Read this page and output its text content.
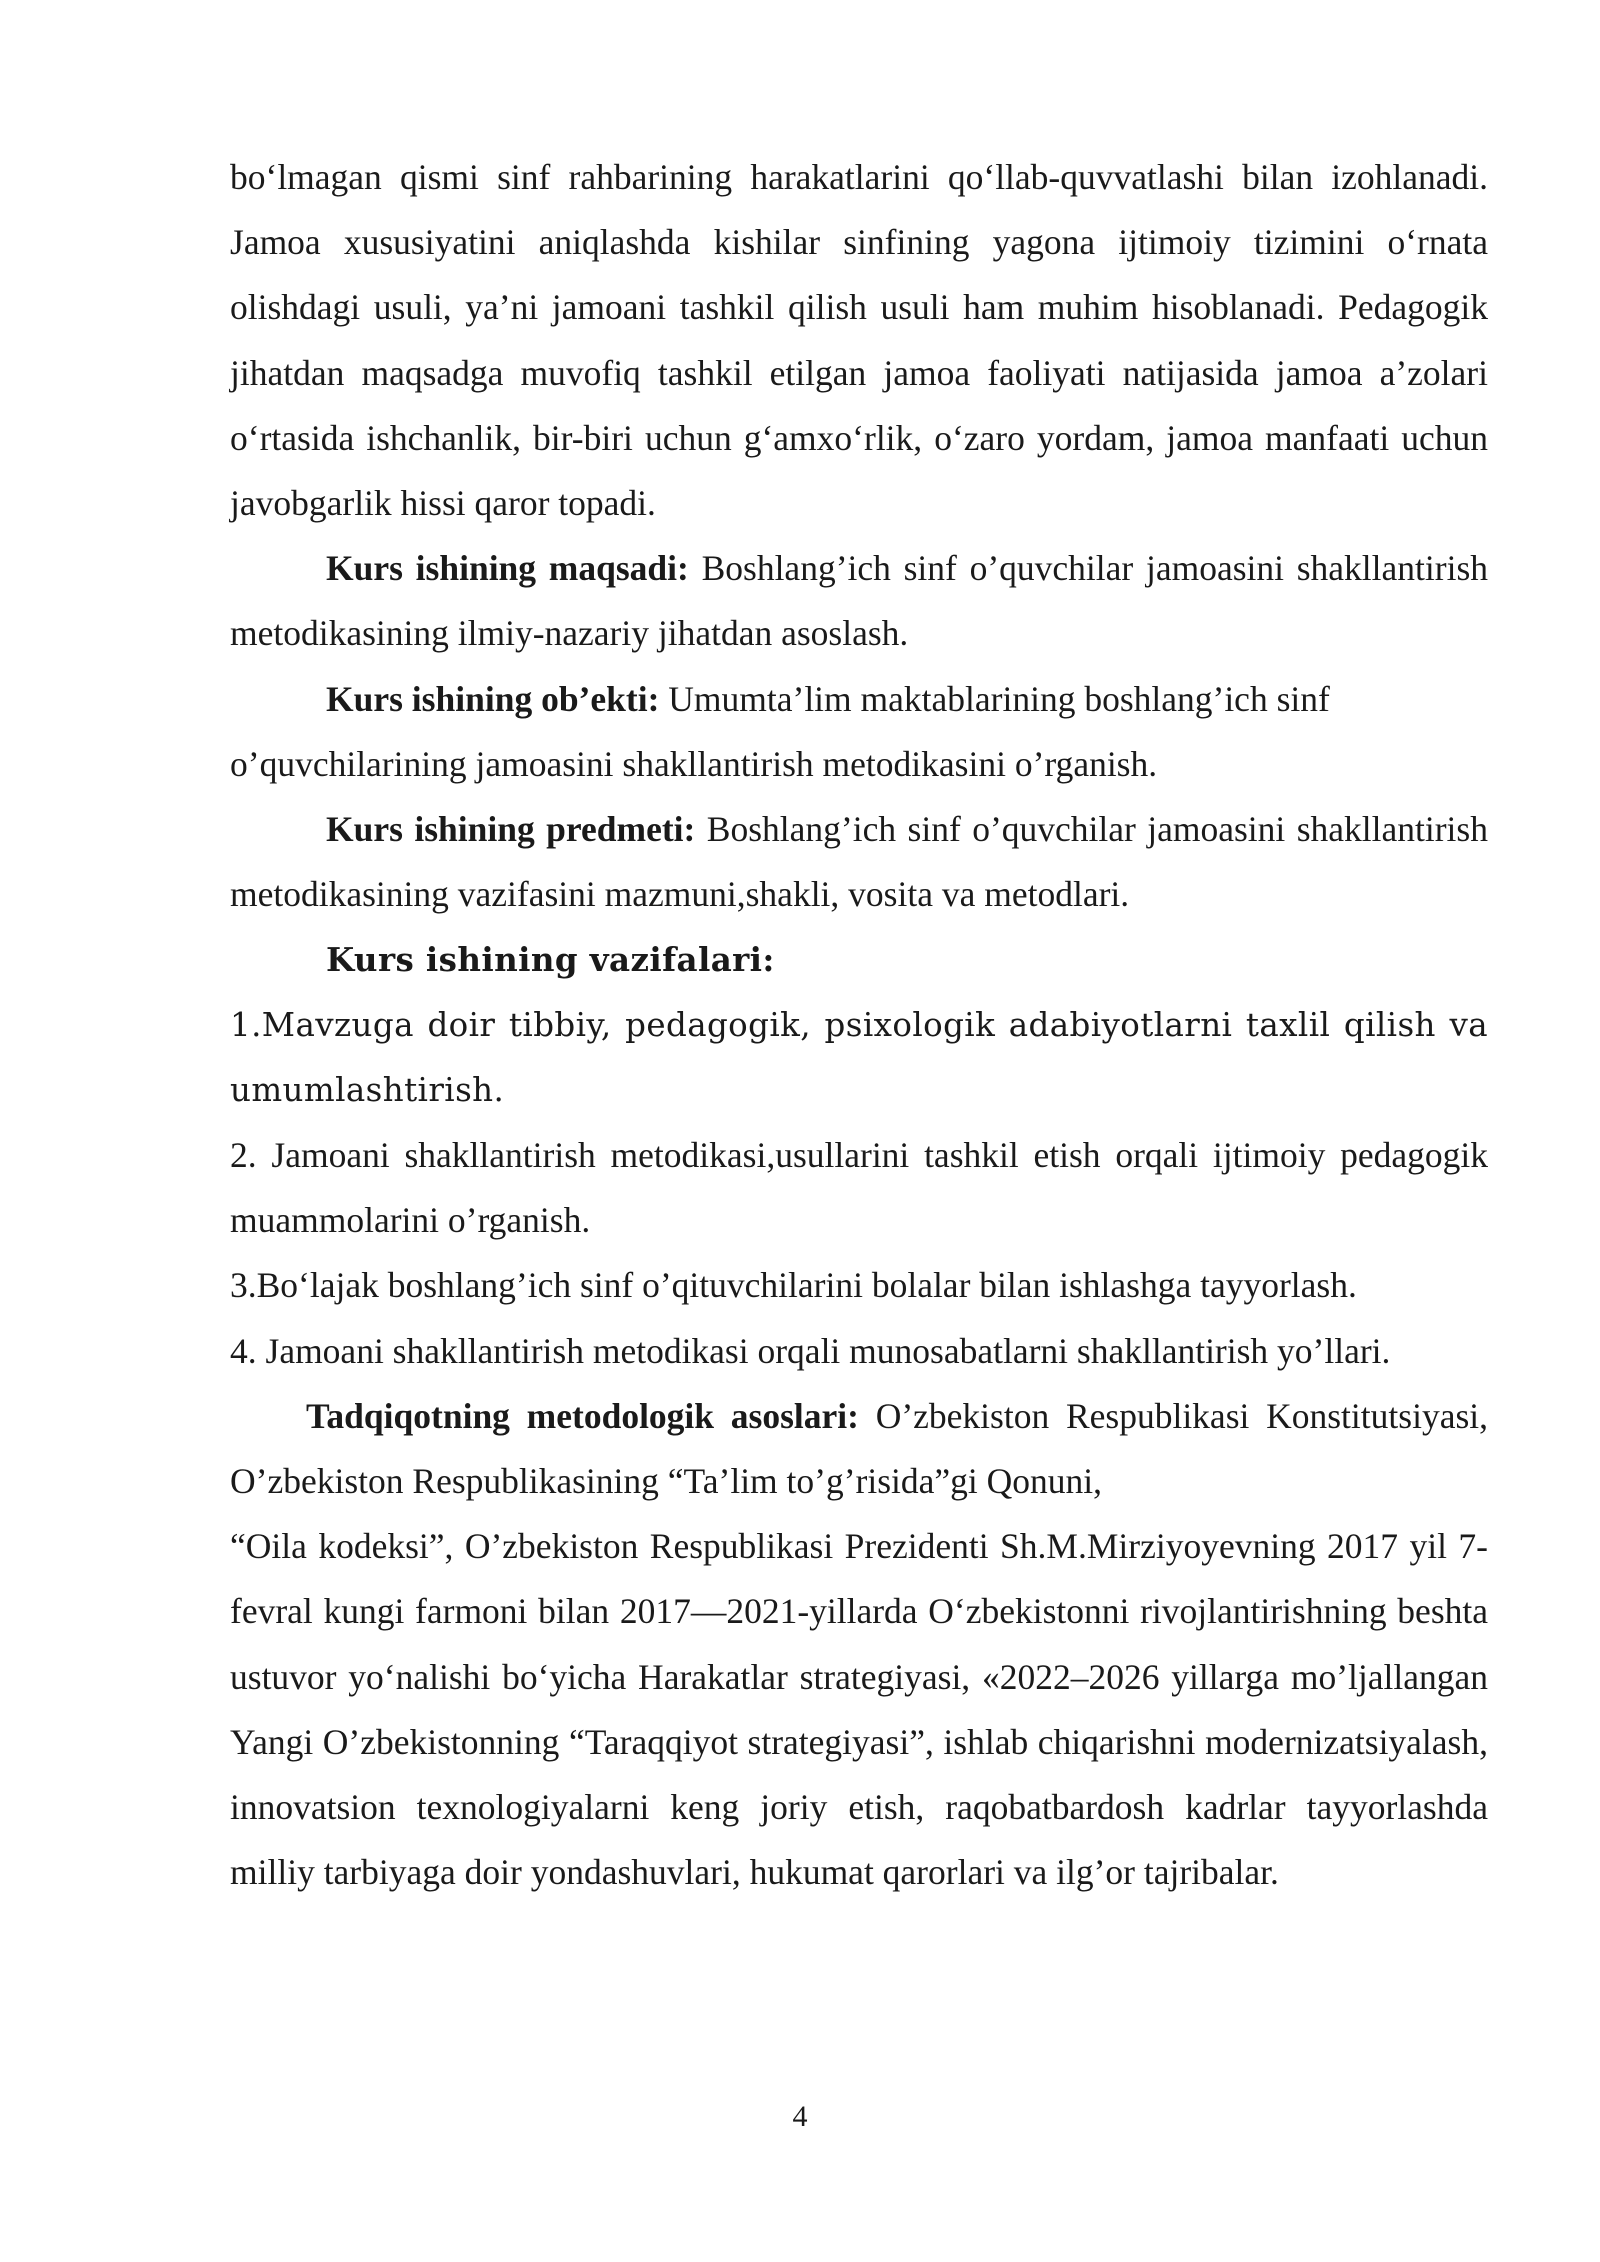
bo‘lmagan qismi sinf rahbarining harakatlarini qo‘llab-quvvatlashi bilan izohlanadi. Jamoa xususiyatini aniqlashda kishilar sinfining yagona ijtimoiy tizimini o‘rnata olishdagi usuli, ya’ni jamoani tashkil qilish usuli ham muhim hisoblanadi. Pedagogik jihatdan maqsadga muvofiq tashkil etilgan jamoa faoliyati natijasida jamoa a’zolari o‘rtasida ishchanlik, bir-biri uchun g‘amxo‘rlik, o‘zaro yordam, jamoa manfaati uchun javobgarlik hissi qaror topadi.

Kurs ishining maqsadi: Boshlang’ich sinf o’quvchilar jamoasini shakllantirish metodikasining ilmiy-nazariy jihatdan asoslash.

Kurs ishining ob’ekti: Umumta’lim maktablarining boshlang’ich sinf

o’quvchilarining jamoasini shakllantirish metodikasini o’rganish.

Kurs ishining predmeti: Boshlang’ich sinf o’quvchilar jamoasini shakllantirish metodikasining vazifasini mazmuni,shakli, vosita va metodlari.

Kurs ishining vazifalari:

1.Mavzuga doir tibbiy, pedagogik, psixologik adabiyotlarni taxlil qilish va umumlashtirish.

2. Jamoani shakllantirish metodikasi,usullarini tashkil etish orqali ijtimoiy pedagogik muammolarini o’rganish.

3.Bo‘lajak boshlang’ich sinf o’qituvchilarini bolalar bilan ishlashga tayyorlash.

4. Jamoani shakllantirish metodikasi orqali munosabatlarni shakllantirish yo’llari.

Tadqiqotning metodologik asoslari: O’zbekiston Respublikasi Konstitutsiyasi, O’zbekiston Respublikasining “Ta’lim to’g’risida”gi Qonuni,

“Oila kodeksi”, O’zbekiston Respublikasi Prezidenti Sh.M.Mirziyoyevning 2017 yil 7-fevral kungi farmoni bilan 2017—2021-yillarda O‘zbekistonni rivojlantirishning beshta ustuvor yo‘nalishi bo‘yicha Harakatlar strategiyasi, «2022–2026 yillarga mo’ljallangan Yangi O’zbekistonning “Taraqqiyot strategiyasi”, ishlab chiqarishni modernizatsiyalash, innovatsion texnologiyalarni keng joriy etish, raqobatbardosh kadrlar tayyorlashda milliy tarbiyaga doir yondashuvlari, hukumat qarorlari va ilg’or tajribalar.

4
